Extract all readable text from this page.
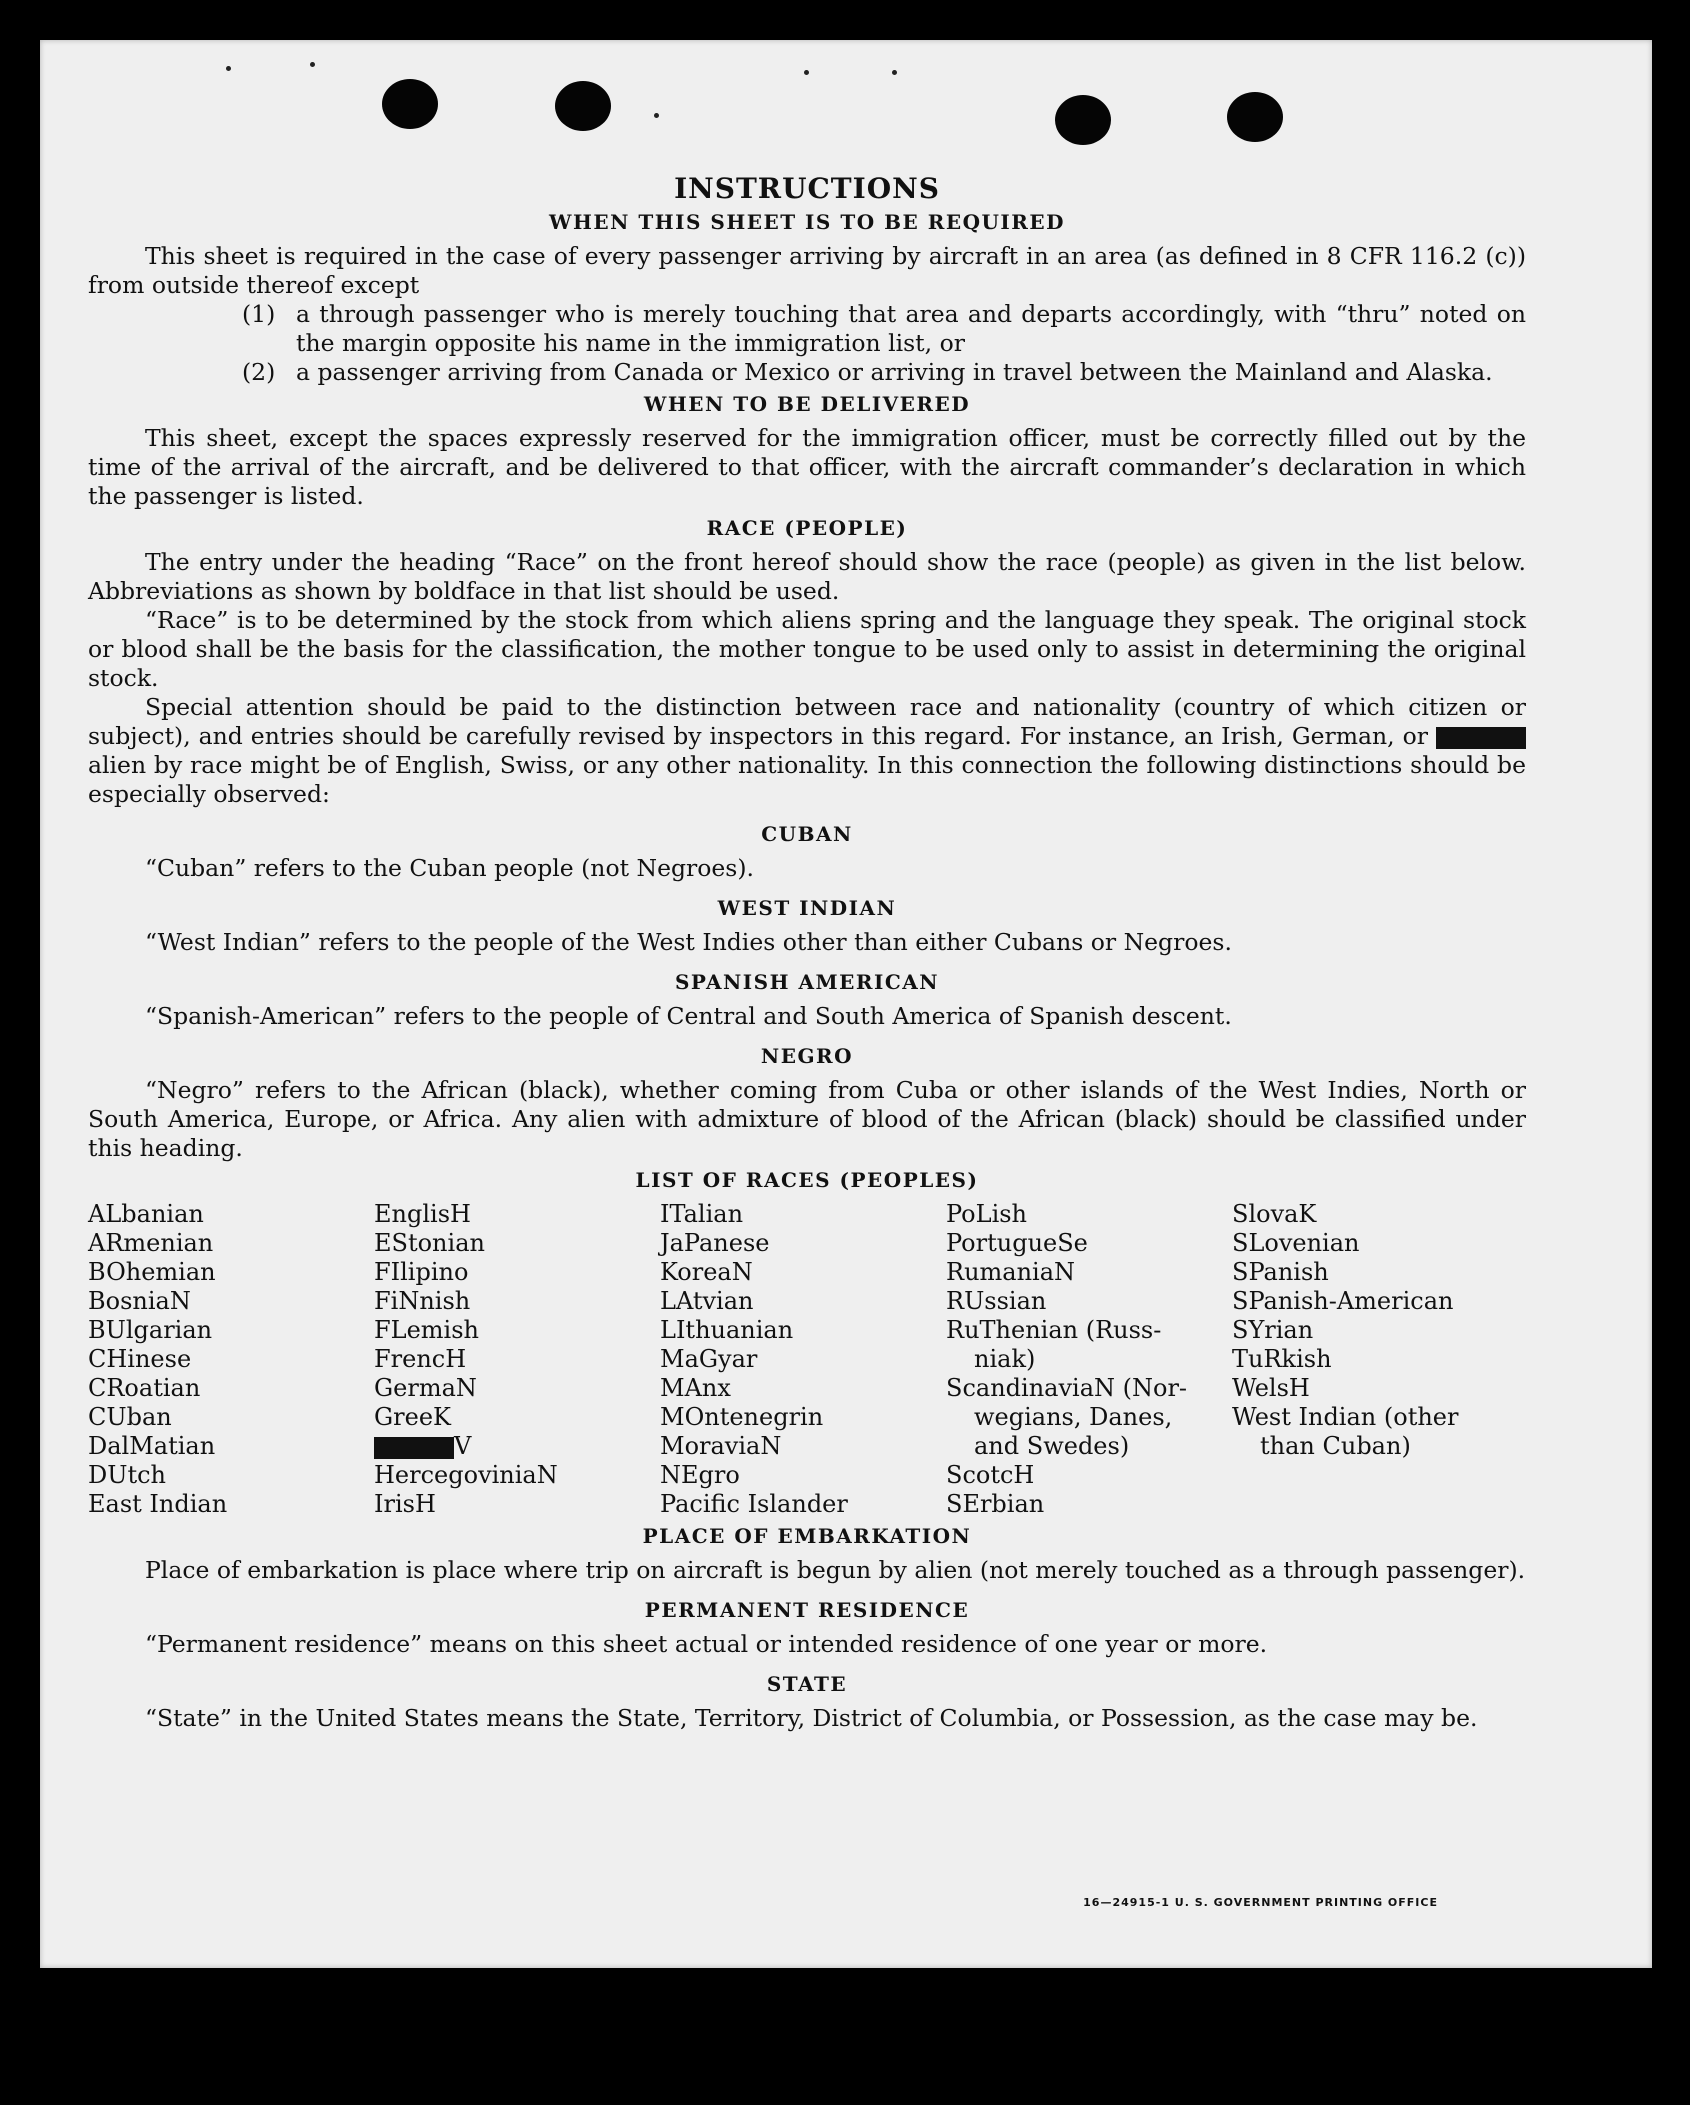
INSTRUCTIONS
WHEN THIS SHEET IS TO BE REQUIRED

This sheet is required in the case of every passenger arriving by aircraft in an area (as defined in 8 CFR 116.2 (c)) from outside thereof except

(1) a through passenger who is merely touching that area and departs accordingly, with “thru” noted on the margin opposite his name in the immigration list, or
(2) a passenger arriving from Canada or Mexico or arriving in travel between the Mainland and Alaska.
WHEN TO BE DELIVERED

This sheet, except the spaces expressly reserved for the immigration officer, must be correctly filled out by the time of the arrival of the aircraft, and be delivered to that officer, with the aircraft commander’s declaration in which the passenger is listed.

RACE (PEOPLE)

The entry under the heading “Race” on the front hereof should show the race (people) as given in the list below. Abbreviations as shown by boldface in that list should be used.

“Race” is to be determined by the stock from which aliens spring and the language they speak. The original stock or blood shall be the basis for the classification, the mother tongue to be used only to assist in determining the original stock.

Special attention should be paid to the distinction between race and nationality (country of which citizen or subject), and entries should be carefully revised by inspectors in this regard. For instance, an Irish, German, or  alien by race might be of English, Swiss, or any other nationality. In this connection the following distinctions should be especially observed:

CUBAN

“Cuban” refers to the Cuban people (not Negroes).

WEST INDIAN

“West Indian” refers to the people of the West Indies other than either Cubans or Negroes.

SPANISH AMERICAN

“Spanish-American” refers to the people of Central and South America of Spanish descent.

NEGRO

“Negro” refers to the African (black), whether coming from Cuba or other islands of the West Indies, North or South America, Europe, or Africa. Any alien with admixture of blood of the African (black) should be classified under this heading.

LIST OF RACES (PEOPLES)
ALbanian
ARmenian
BOhemian
BosniaN
BUlgarian
CHinese
CRoatian
CUban
DalMatian
DUtch
East Indian
EnglisH
EStonian
FIlipino
FiNnish
FLemish
FrencH
GermaN
GreeK
V
HercegoviniaN
IrisH
ITalian
JaPanese
KoreaN
LAtvian
LIthuanian
MaGyar
MAnx
MOntenegrin
MoraviaN
NEgro
Pacific Islander
PoLish
PortugueSe
RumaniaN
RUssian
RuThenian (Russ-
niak)
ScandinaviaN (Nor-
wegians, Danes,
and Swedes)
ScotcH
SErbian
SlovaK
SLovenian
SPanish
SPanish-American
SYrian
TuRkish
WelsH
West Indian (other
than Cuban)
PLACE OF EMBARKATION

Place of embarkation is place where trip on aircraft is begun by alien (not merely touched as a through passenger).

PERMANENT RESIDENCE

“Permanent residence” means on this sheet actual or intended residence of one year or more.

STATE

“State” in the United States means the State, Territory, District of Columbia, or Possession, as the case may be.

16—24915-1 U. S. GOVERNMENT PRINTING OFFICE
